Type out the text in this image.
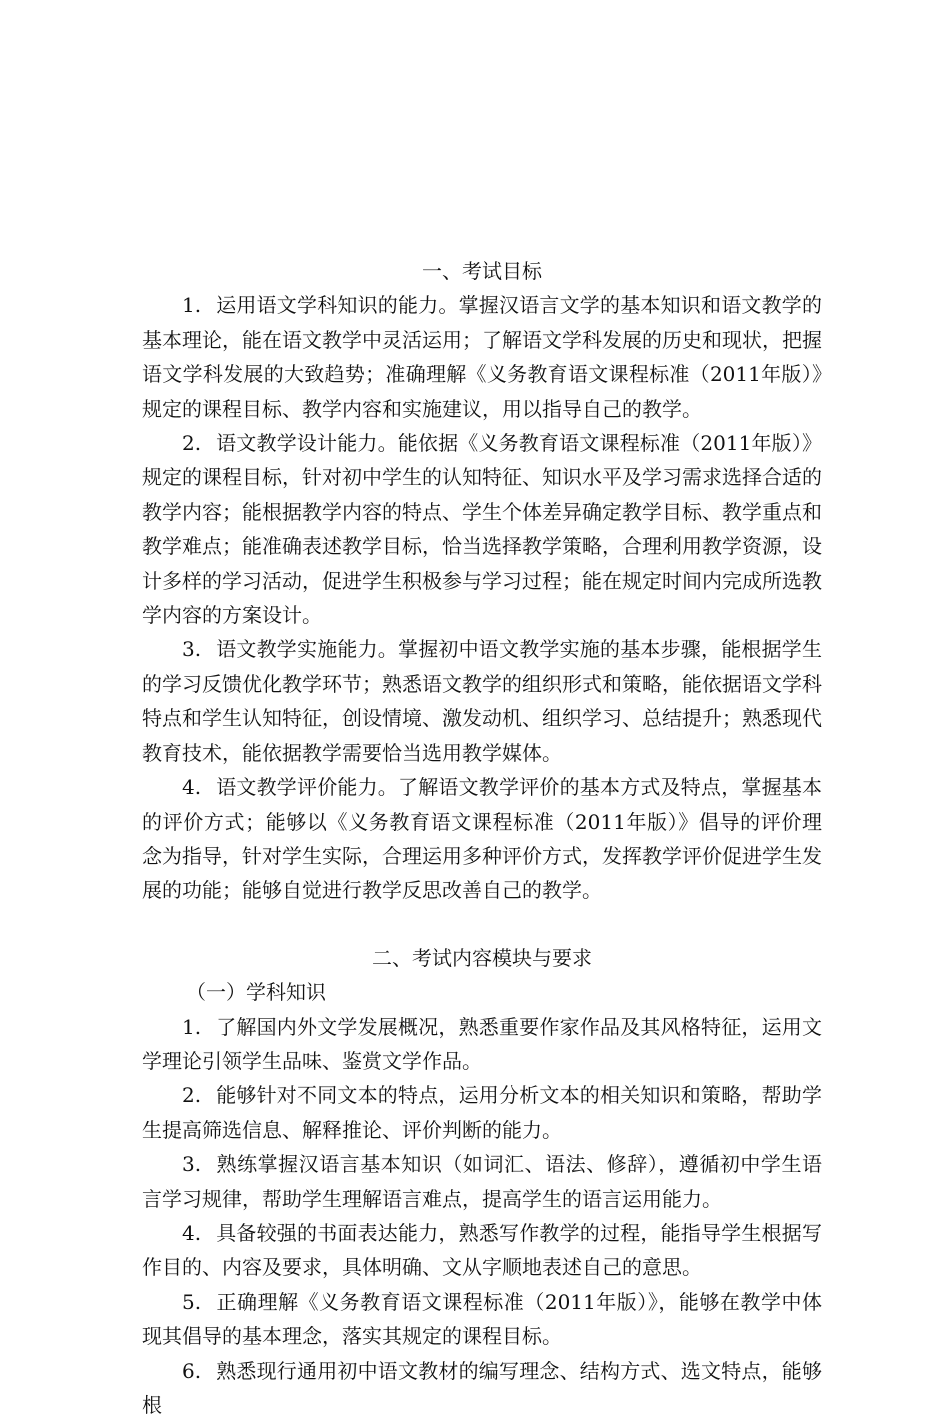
一、考试目标

1. 运用语文学科知识的能力。掌握汉语言文学的基本知识和语文教学的基本理论，能在语文教学中灵活运用；了解语文学科发展的历史和现状，把握语文学科发展的大致趋势；准确理解《义务教育语文课程标准（2011年版）》规定的课程目标、教学内容和实施建议，用以指导自己的教学。

2. 语文教学设计能力。能依据《义务教育语文课程标准（2011年版）》规定的课程目标，针对初中学生的认知特征、知识水平及学习需求选择合适的教学内容；能根据教学内容的特点、学生个体差异确定教学目标、教学重点和教学难点；能准确表述教学目标，恰当选择教学策略，合理利用教学资源，设计多样的学习活动，促进学生积极参与学习过程；能在规定时间内完成所选教学内容的方案设计。

3. 语文教学实施能力。掌握初中语文教学实施的基本步骤，能根据学生的学习反馈优化教学环节；熟悉语文教学的组织形式和策略，能依据语文学科特点和学生认知特征，创设情境、激发动机、组织学习、总结提升；熟悉现代教育技术，能依据教学需要恰当选用教学媒体。

4. 语文教学评价能力。了解语文教学评价的基本方式及特点，掌握基本的评价方式；能够以《义务教育语文课程标准（2011年版）》倡导的评价理念为指导，针对学生实际，合理运用多种评价方式，发挥教学评价促进学生发展的功能；能够自觉进行教学反思改善自己的教学。

二、考试内容模块与要求

（一）学科知识

1. 了解国内外文学发展概况，熟悉重要作家作品及其风格特征，运用文学理论引领学生品味、鉴赏文学作品。

2. 能够针对不同文本的特点，运用分析文本的相关知识和策略，帮助学生提高筛选信息、解释推论、评价判断的能力。

3. 熟练掌握汉语言基本知识（如词汇、语法、修辞），遵循初中学生语言学习规律，帮助学生理解语言难点，提高学生的语言运用能力。

4. 具备较强的书面表达能力，熟悉写作教学的过程，能指导学生根据写作目的、内容及要求，具体明确、文从字顺地表述自己的意思。

5. 正确理解《义务教育语文课程标准（2011年版）》，能够在教学中体现其倡导的基本理念，落实其规定的课程目标。

6. 熟悉现行通用初中语文教材的编写理念、结构方式、选文特点，能够根
